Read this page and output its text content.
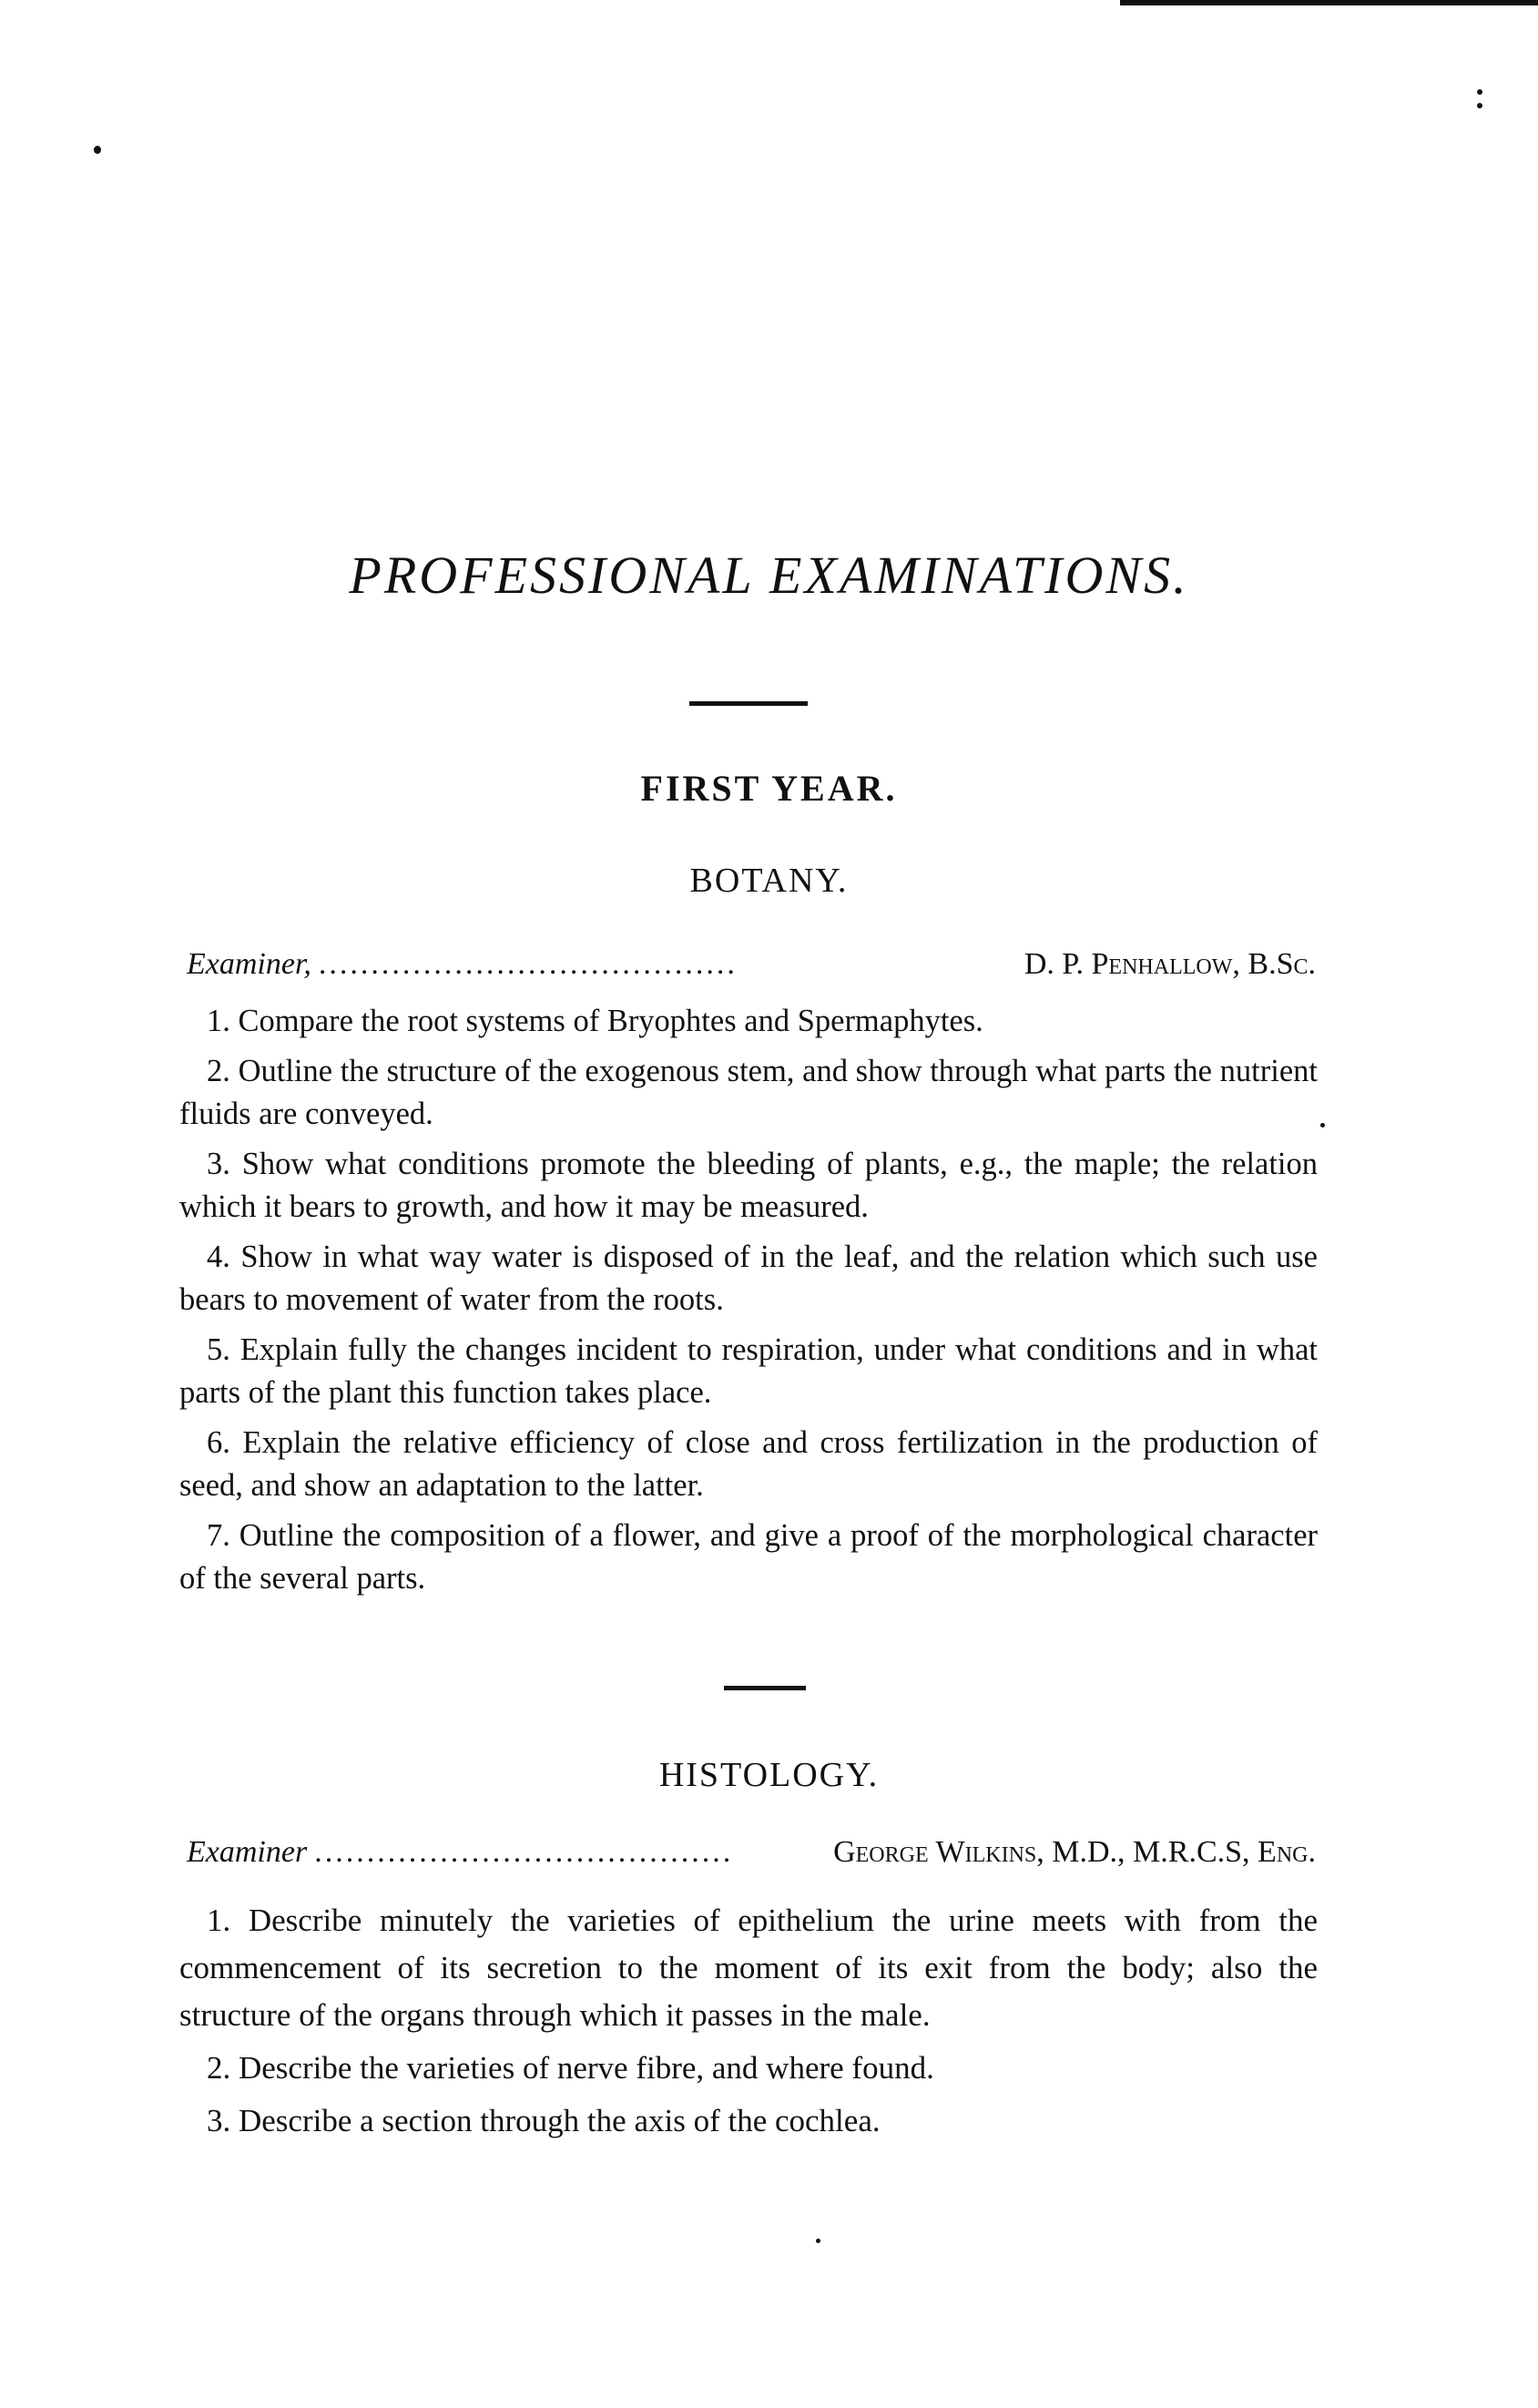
PROFESSIONAL EXAMINATIONS.
FIRST YEAR.
BOTANY.
Examiner, ........................................	D. P. Penhallow, B.Sc.
1. Compare the root systems of Bryophtes and Spermaphytes.
2. Outline the structure of the exogenous stem, and show through what parts the nutrient fluids are conveyed.
3. Show what conditions promote the bleeding of plants, e.g., the maple; the relation which it bears to growth, and how it may be measured.
4. Show in what way water is disposed of in the leaf, and the relation which such use bears to movement of water from the roots.
5. Explain fully the changes incident to respiration, under what conditions and in what parts of the plant this function takes place.
6. Explain the relative efficiency of close and cross fertilization in the production of seed, and show an adaptation to the latter.
7. Outline the composition of a flower, and give a proof of the morphological character of the several parts.
HISTOLOGY.
Examiner ........................................	George Wilkins, M.D., M.R.C.S, Eng.
1. Describe minutely the varieties of epithelium the urine meets with from the commencement of its secretion to the moment of its exit from the body; also the structure of the organs through which it passes in the male.
2. Describe the varieties of nerve fibre, and where found.
3. Describe a section through the axis of the cochlea.
